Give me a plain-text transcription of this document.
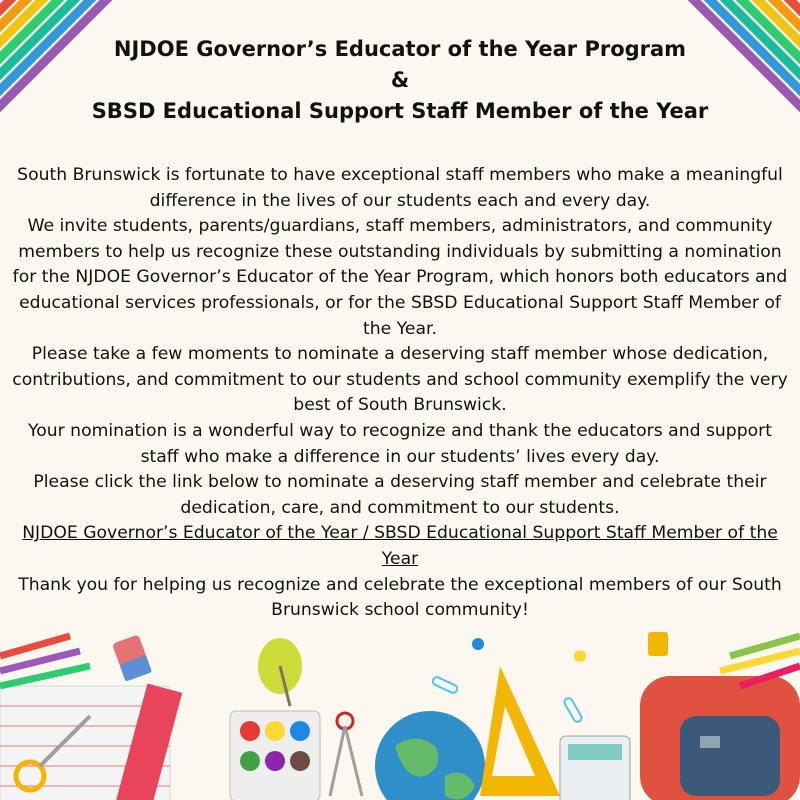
NJDOE Governor’s Educator of the Year Program
&
SBSD Educational Support Staff Member of the Year

South Brunswick is fortunate to have exceptional staff members who make a meaningful difference in the lives of our students each and every day.

We invite students, parents/guardians, staff members, administrators, and community members to help us recognize these outstanding individuals by submitting a nomination for the NJDOE Governor’s Educator of the Year Program, which honors both educators and educational services professionals, or for the SBSD Educational Support Staff Member of the Year.

Please take a few moments to nominate a deserving staff member whose dedication, contributions, and commitment to our students and school community exemplify the very best of South Brunswick.

Your nomination is a wonderful way to recognize and thank the educators and support staff who make a difference in our students’ lives every day.

Please click the link below to nominate a deserving staff member and celebrate their dedication, care, and commitment to our students.

NJDOE Governor’s Educator of the Year / SBSD Educational Support Staff Member of the Year

Thank you for helping us recognize and celebrate the exceptional members of our South Brunswick school community!
